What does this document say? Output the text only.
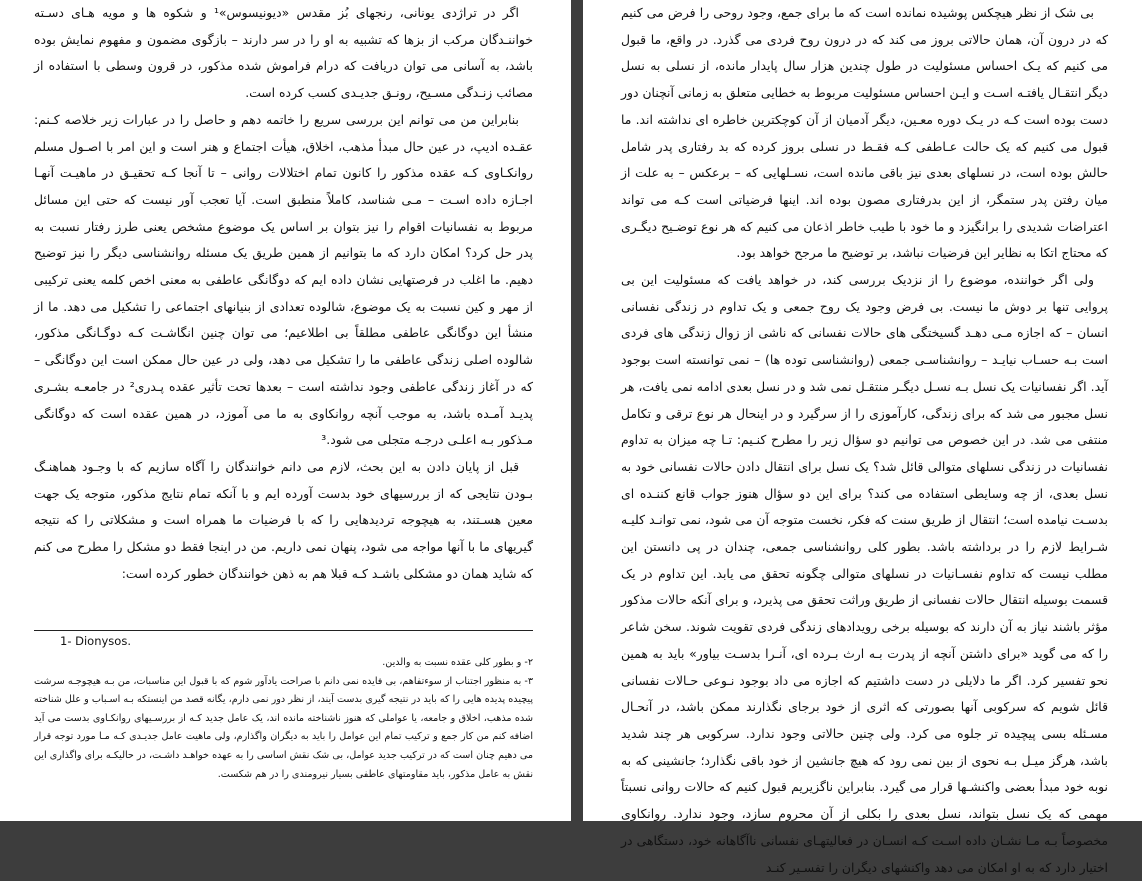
اگر در تراژدی یونانی، رنجهای بُز مقدس «دیونیسوس»¹ و شکوه ها و مویه هـای دسـته خواننـدگان مرکب از بزها که تشبیه به او را در سر دارند – بازگوی مضمون و مفهوم نمایش بوده باشد، به آسانی می توان دریافت که درام فراموش شده مذکور، در قرون وسطی با استفاده از مصائب زنـدگی مسـیح، رونـق جدیـدی کسب کرده است.

بنابراین من می توانم این بررسی سریع را خاتمه دهم و حاصل را در عبارات زیر خلاصه کـنم: عقـده ادیپ، در عین حال مبدأ مذهب، اخلاق، هیأت اجتماع و هنر است و این امر با اصـول مسلم روانکـاوی کـه عقده مذکور را کانون تمام اختلالات روانی – تا آنجا کـه تحقیـق در ماهیـت آنهـا اجـازه داده اسـت – مـی شناسد، کاملاً منطبق است. آیا تعجب آور نیست که حتی این مسائل مربوط به نفسانیات اقوام را نیز بتوان بر اساس یک موضوع مشخص یعنی طرز رفتار نسبت به پدر حل کرد؟ امکان دارد که ما بتوانیم از همین طریق یک مسئله روانشناسی دیگر را نیز توضیح دهیم. ما اغلب در فرصتهایی نشان داده ایم که دوگانگی عاطفی به معنی اخص کلمه یعنی ترکیبی از مهر و کین نسبت به یک موضوع، شالوده تعدادی از بنیانهای اجتماعی را تشکیل می دهد. ما از منشأ این دوگانگی عاطفی مطلقاً بی اطلاعیم؛ می توان چنین انگاشـت کـه دوگـانگی مذکور، شالوده اصلی زندگی عاطفی ما را تشکیل می دهد، ولی در عین حال ممکن است این دوگانگی – که در آغاز زندگی عاطفی وجود نداشته است – بعدها تحت تأثیر عقده پـدری² در جامعـه بشـری پدیـد آمـده باشد، به موجب آنچه روانکاوی به ما می آموزد، در همین عقده است که دوگانگی مـذکور بـه اعلـی درجـه متجلی می شود.³

قبل از پایان دادن به این بحث، لازم می دانم خوانندگان را آگاه سازیم که با وجـود هماهنـگ بـودن نتایجی که از بررسیهای خود بدست آورده ایم و با آنکه تمام نتایج مذکور، متوجه یک جهت معین هسـتند، به هیچوجه تردیدهایی را که با فرضیات ما همراه است و مشکلاتی را که نتیجه گیریهای ما با آنها مواجه می شود، پنهان نمی داریم. من در اینجا فقط دو مشکل را مطرح می کنم که شاید همان دو مشکلی باشـد کـه قبلا هم به ذهن خوانندگان خطور کرده است:

1- Dionysos.

٢- و بطور کلی عقده نسبت به والدین.

٣- به منظور اجتناب از سوءتفاهم، بی فایده نمی دانم با صراحت یادآور شوم که با قبول این مناسبات، من بـه هیچوجـه سرشت پیچیده پدیده هایی را که باید در نتیجه گیری بدست آیند، از نظر دور نمی دارم، یگانه قصد من اینستکه بـه اسـباب و علل شناخته شده مذهب، اخلاق و جامعه، یا عواملی که هنوز ناشناخته مانده اند، یک عامل جدید کـه از بررسـیهای روانکـاوی بدست می آید اضافه کنم من کار جمع و ترکیب تمام این عوامل را باید به دیگران واگذارم، ولی ماهیت عامل جدیـدی کـه مـا مورد توجه قرار می دهیم چنان است که در ترکیب جدید عوامل، بی شک نقش اساسی را به عهده خواهـد داشـت، در حالیکـه برای واگذاری این نقش به عامل مذکور، باید مقاومتهای عاطفی بسیار نیرومندی را در هم شکست.

بی شک از نظر هیچکس پوشیده نمانده است که ما برای جمع، وجود روحی را فرض می کنیم که در درون آن، همان حالاتی بروز می کند که در درون روح فردی می گذرد. در واقع، ما قبول می کنیم که یـک احساس مسئولیت در طول چندین هزار سال پایدار مانده، از نسلی به نسل دیگر انتقـال یافتـه اسـت و ایـن احساس مسئولیت مربوط به خطایی متعلق به زمانی آنچنان دور دست بوده است کـه در یـک دوره معـین، دیگر آدمیان از آن کوچکترین خاطره ای نداشته اند. ما قبول می کنیم که یک حالت عـاطفی کـه فقـط در نسلی بروز کرده که بد رفتاری پدر شامل حالش بوده است، در نسلهای بعدی نیز باقی مانده است، نسـلهایی که – برعکس – به علت از میان رفتن پدر ستمگر، از این بدرفتاری مصون بوده اند. اینها فرضیاتی است کـه می تواند اعتراضات شدیدی را برانگیزد و ما خود با طیب خاطر اذعان می کنیم که هر نوع توضـیح دیگـری که محتاج اتکا به نظایر این فرضیات نباشد، بر توضیح ما مرجح خواهد بود.

ولی اگر خواننده، موضوع را از نزدیک بررسی کند، در خواهد یافت که مسئولیت این بی پروایی تنها بر دوش ما نیست. بی فرض وجود یک روح جمعی و یک تداوم در زندگی نفسانی انسان – که اجازه مـی دهـد گسیختگی های حالات نفسانی که ناشی از زوال زندگی های فردی است بـه حسـاب نیایـد – روانشناسـی جمعی (روانشناسی توده ها) – نمی توانسته است بوجود آید. اگر نفسانیات یک نسل بـه نسـل دیگـر منتقـل نمی شد و در نسل بعدی ادامه نمی یافت، هر نسل مجبور می شد که برای زندگی، کارآموزی را از سرگیرد و در اینحال هر نوع ترقی و تکامل منتفی می شد. در این خصوص می توانیم دو سؤال زیر را مطرح کنـیم: تـا چه میزان به تداوم نفسانیات در زندگی نسلهای متوالی قائل شد؟ یک نسل برای انتقال دادن حالات نفسانی خود به نسل بعدی، از چه وسایطی استفاده می کند؟ برای این دو سؤال هنوز جواب قانع کننـده ای بدسـت نیامده است؛ انتقال از طریق سنت که فکر، نخست متوجه آن می شود، نمی توانـد کلیـه شـرایط لازم را در برداشته باشد. بطور کلی روانشناسی جمعی، چندان در پی دانستن این مطلب نیست که تداوم نفسـانیات در نسلهای متوالی چگونه تحقق می یابد. این تداوم در یک قسمت بوسیله انتقال حالات نفسانی از طریق وراثت تحقق می پذیرد، و برای آنکه حالات مذکور مؤثر باشند نیاز به آن دارند که بوسیله برخی رویدادهای زندگی فردی تقویت شوند. سخن شاعر را که می گوید «برای داشتن آنچه از پدرت بـه ارث بـرده ای، آنـرا بدسـت بیاور» باید به همین نحو تفسیر کرد. اگر ما دلایلی در دست داشتیم که اجازه می داد بوجود نـوعی حـالات نفسانی قائل شویم که سرکوبی آنها بصورتی که اثری از خود برجای نگذارند ممکن باشد، در آنحـال مسـئله بسی پیچیده تر جلوه می کرد. ولی چنین حالاتی وجود ندارد. سرکوبی هر چند شدید باشد، هرگز میـل بـه نحوی از بین نمی رود که هیچ جانشین از خود باقی نگذارد؛ جانشینی که به نوبه خود مبدأ بعضی واکنشـها قرار می گیرد. بنابراین ناگزیریم قبول کنیم که حالات روانی نسبتاً مهمی که یک نسل بتواند، نسل بعدی را بکلی از آن محروم سازد، وجود ندارد. روانکاوی مخصوصاً بـه مـا نشـان داده اسـت کـه انسـان در فعالیتهـای نفسانی ناآگاهانه خود، دستگاهی در اختیار دارد که به او امکان می دهد واکنشهای دیگران را تفسـیر کنـد
